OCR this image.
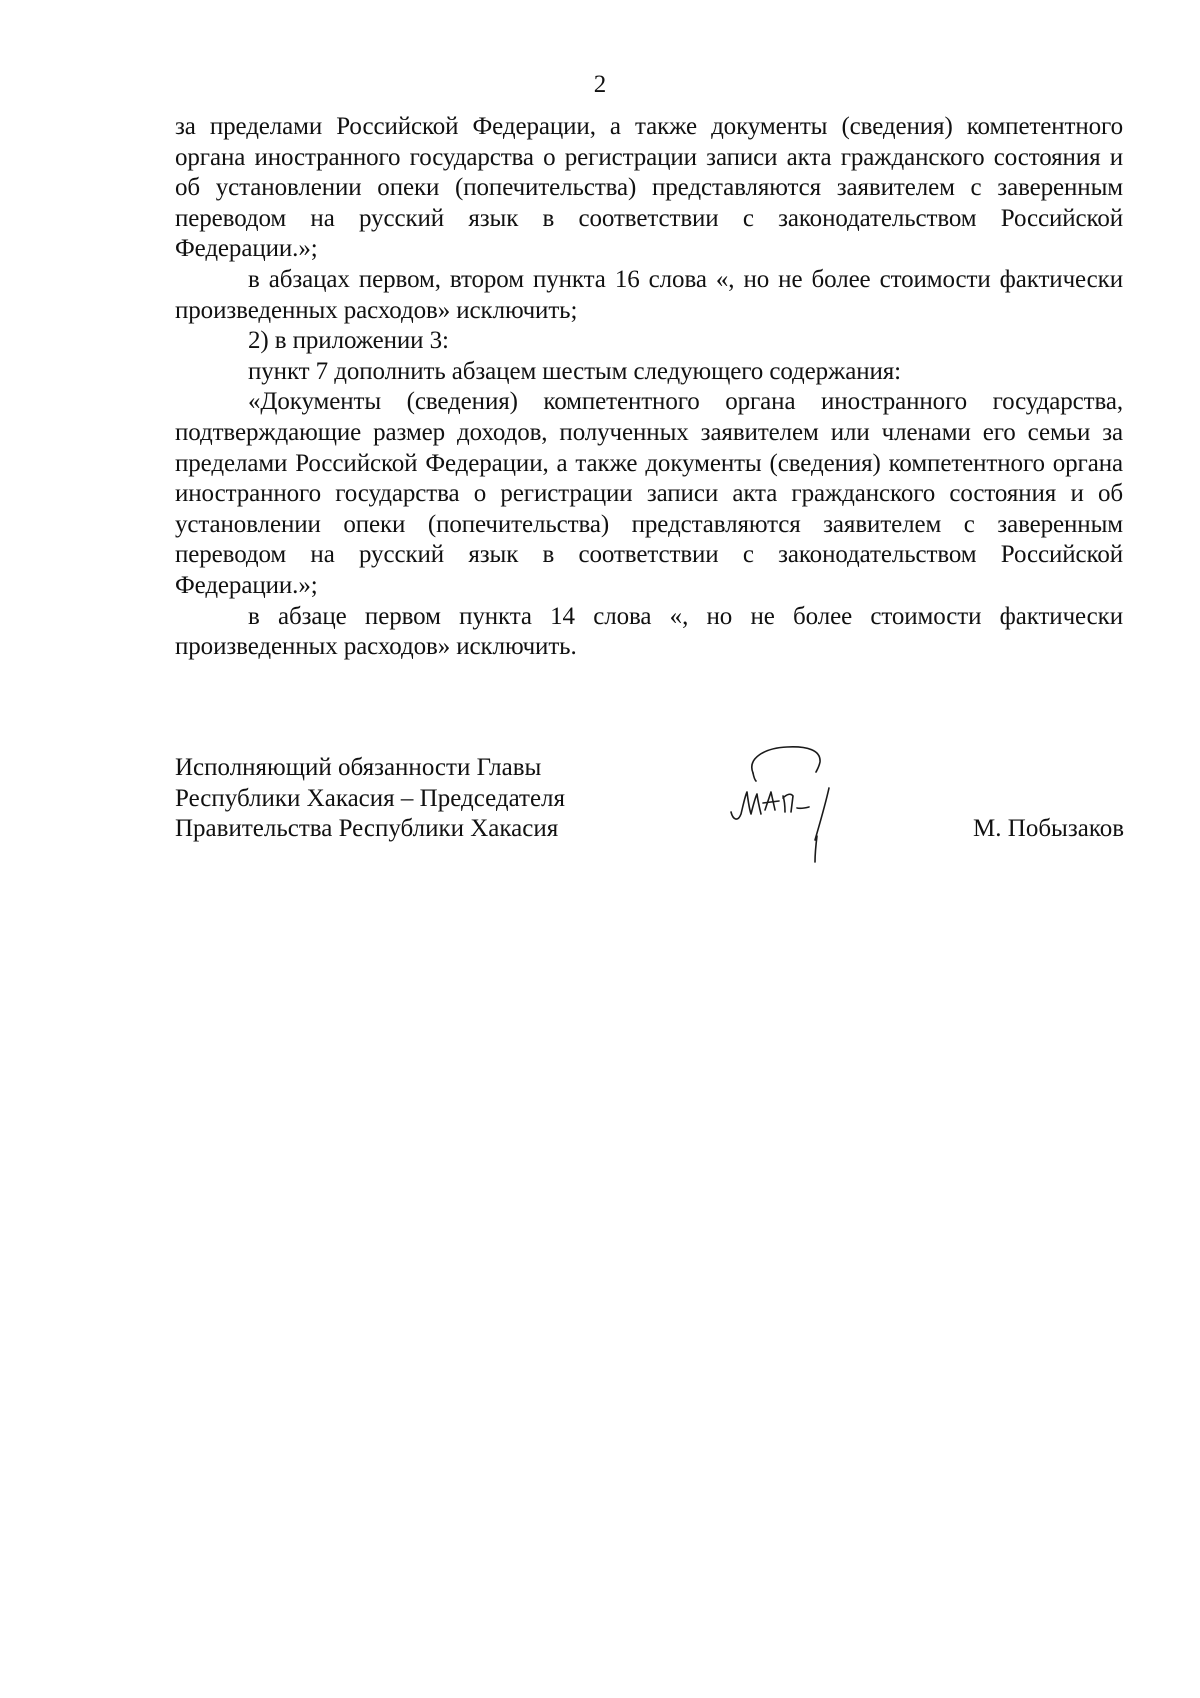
2

за пределами Российской Федерации, а также документы (сведения) компетентного органа иностранного государства о регистрации записи акта гражданского состояния и об установлении опеки (попечительства) представляются заявителем с заверенным переводом на русский язык в соответствии с законодательством Российской Федерации.»;

в абзацах первом, втором пункта 16 слова «, но не более стоимости фактически произведенных расходов» исключить;

2) в приложении 3:

пункт 7 дополнить абзацем шестым следующего содержания:

«Документы (сведения) компетентного органа иностранного государства, подтверждающие размер доходов, полученных заявителем или членами его семьи за пределами Российской Федерации, а также документы (сведения) компетентного органа иностранного государства о регистрации записи акта гражданского состояния и об установлении опеки (попечительства) представляются заявителем с заверенным переводом на русский язык в соответствии с законодательством Российской Федерации.»;

в абзаце первом пункта 14 слова «, но не более стоимости фактически произведенных расходов» исключить.

Исполняющий обязанности Главы
Республики Хакасия – Председателя
Правительства Республики Хакасия	М. Побызаков
